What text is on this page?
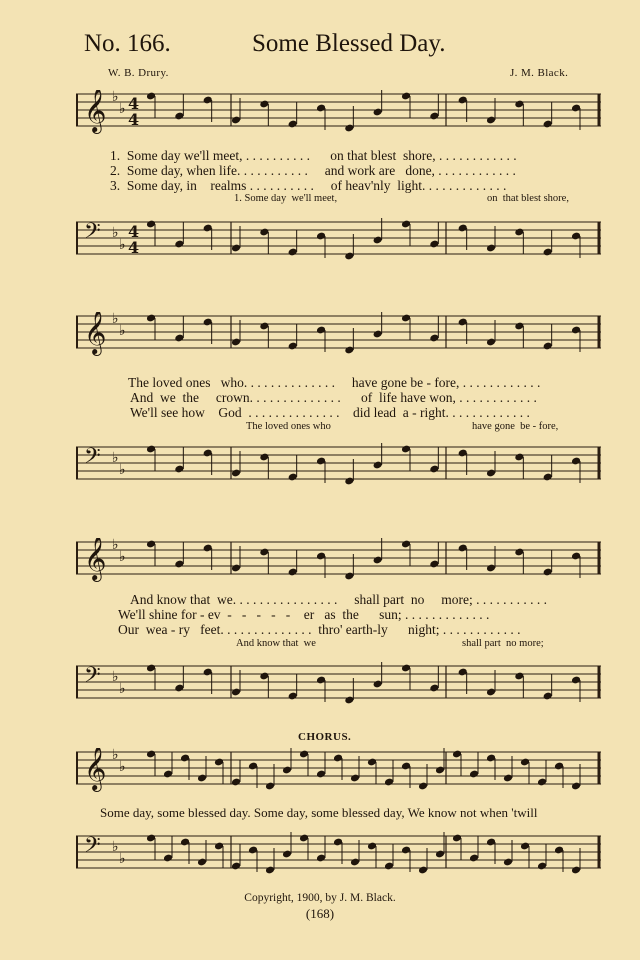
No. 166.	Some Blessed Day.
W. B. Drury.	J. M. Black.
𝄞 ♭
♭ 4
4
1.  Some day we'll meet, . . . . . . . . . .      on that blest  shore, . . . . . . . . . . . .
2.  Some day, when life. . . . . . . . . . .     and work are   done, . . . . . . . . . . . .
3.  Some day, in    realms . . . . . . . . . .     of heav'nly  light. . . . . . . . . . . . .
1. Some day  we'll meet,	on  that blest shore,
𝄢 ♭
♭
4
4
𝄞 ♭
♭
The loved ones   who. . . . . . . . . . . . . .     have gone be - fore, . . . . . . . . . . . .
And  we  the     crown. . . . . . . . . . . . . .      of  life have won, . . . . . . . . . . . .
We'll see how    God  . . . . . . . . . . . . . .    did lead  a - right. . . . . . . . . . . . .
The loved ones who	have gone  be - fore,
𝄢 ♭
♭
𝄞 ♭
♭
And know that  we. . . . . . . . . . . . . . . .     shall part  no     more; . . . . . . . . . . .
We'll shine for - ev  -   -   -   -   -    er   as  the      sun; . . . . . . . . . . . . .
Our  wea - ry   feet. . . . . . . . . . . . . .  thro' earth-ly      night; . . . . . . . . . . . .
And know that  we	shall part  no more;
𝄢 ♭
♭
CHORUS.
𝄞 ♭
♭
Some day, some blessed day. Some day, some blessed day, We know not when 'twill
𝄢 ♭
♭
Copyright, 1900, by J. M. Black.
(168)
